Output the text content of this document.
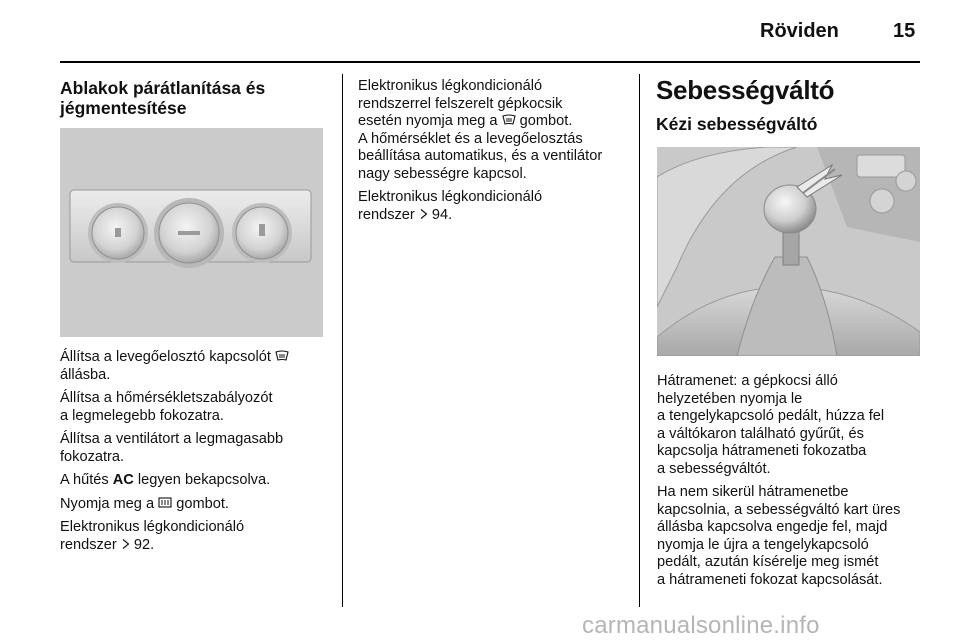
Röviden	15
Ablakok párátlanítása és
jégmentesítése

Állítsa a levegőelosztó kapcsolót

állásba.

Állítsa a hőmérsékletszabályozót
a legmelegebb fokozatra.

Állítsa a ventilátort a legmagasabb
fokozatra.

A hűtés AC legyen bekapcsolva.

Nyomja meg a gombot.

Elektronikus légkondicionáló
rendszer 92.

Elektronikus légkondicionáló
rendszerrel felszerelt gépkocsik
esetén nyomja meg a gombot.
A hőmérséklet és a levegőelosztás
beállítása automatikus, és a ventilátor
nagy sebességre kapcsol.

Elektronikus légkondicionáló
rendszer 94.

Sebességváltó
Kézi sebességváltó

Hátramenet: a gépkocsi álló
helyzetében nyomja le
a tengelykapcsoló pedált, húzza fel
a váltókaron található gyűrűt, és
kapcsolja hátrameneti fokozatba
a sebességváltót.

Ha nem sikerül hátramenetbe
kapcsolnia, a sebességváltó kart üres
állásba kapcsolva engedje fel, majd
nyomja le újra a tengelykapcsoló
pedált, azután kísérelje meg ismét
a hátrameneti fokozat kapcsolását.

carmanualsonline.info
